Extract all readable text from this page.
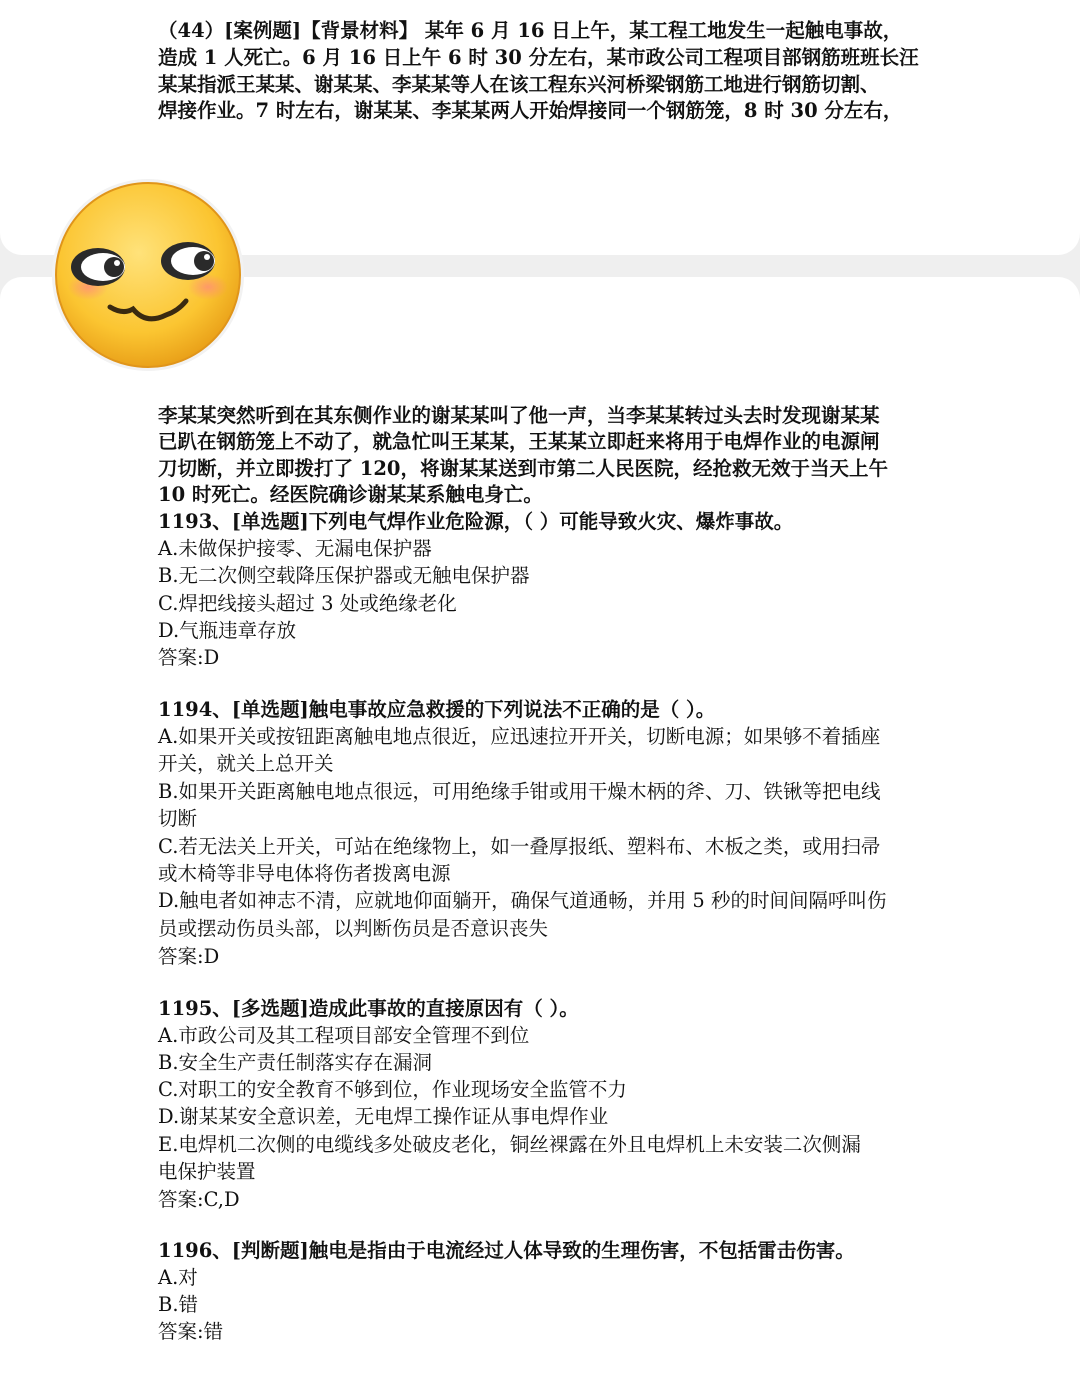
（44）[案例题]【背景材料】 某年 6 月 16 日上午，某工程工地发生一起触电事故，
造成 1 人死亡。6 月 16 日上午 6 时 30 分左右，某市政公司工程项目部钢筋班班长汪
某某指派王某某、谢某某、李某某等人在该工程东兴河桥梁钢筋工地进行钢筋切割、
焊接作业。7 时左右，谢某某、李某某两人开始焊接同一个钢筋笼，8 时 30 分左右，
李某某突然听到在其东侧作业的谢某某叫了他一声，当李某某转过头去时发现谢某某
已趴在钢筋笼上不动了，就急忙叫王某某，王某某立即赶来将用于电焊作业的电源闸
刀切断，并立即拨打了 120，将谢某某送到市第二人民医院，经抢救无效于当天上午
10 时死亡。经医院确诊谢某某系触电身亡。
1193、[单选题]下列电气焊作业危险源，（ ）可能导致火灾、爆炸事故。
A.未做保护接零、无漏电保护器
B.无二次侧空载降压保护器或无触电保护器
C.焊把线接头超过 3 处或绝缘老化
D.气瓶违章存放
答案:D
1194、[单选题]触电事故应急救援的下列说法不正确的是（ ）。
A.如果开关或按钮距离触电地点很近，应迅速拉开开关，切断电源；如果够不着插座
开关，就关上总开关
B.如果开关距离触电地点很远，可用绝缘手钳或用干燥木柄的斧、刀、铁锹等把电线
切断
C.若无法关上开关，可站在绝缘物上，如一叠厚报纸、塑料布、木板之类，或用扫帚
或木椅等非导电体将伤者拨离电源
D.触电者如神志不清，应就地仰面躺开，确保气道通畅，并用 5 秒的时间间隔呼叫伤
员或摆动伤员头部，以判断伤员是否意识丧失
答案:D
1195、[多选题]造成此事故的直接原因有（ ）。
A.市政公司及其工程项目部安全管理不到位
B.安全生产责任制落实存在漏洞
C.对职工的安全教育不够到位，作业现场安全监管不力
D.谢某某安全意识差，无电焊工操作证从事电焊作业
E.电焊机二次侧的电缆线多处破皮老化，铜丝裸露在外且电焊机上未安装二次侧漏
电保护装置
答案:C,D
1196、[判断题]触电是指由于电流经过人体导致的生理伤害，不包括雷击伤害。
A.对
B.错
答案:错
